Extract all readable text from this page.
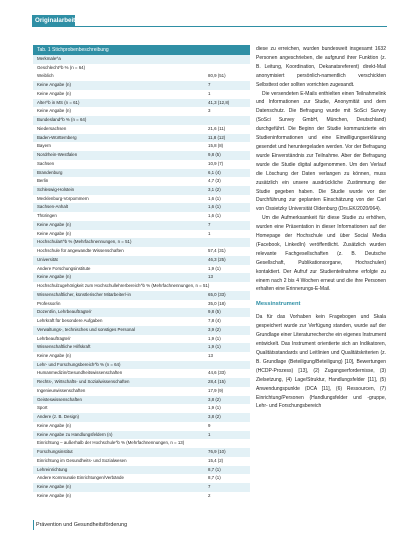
Originalarbeit
Tab. 1 Stichprobenbeschreibung
Merkmale^a
Geschlecht^b % (n = 64)
Weiblich	80,9 (51)
Keine Angabe (n)	7
Keine Angabe (n)	1
Alter^b in MS (n = 61)	41,3 (12,8)
Keine Angabe (n)	3
Bundesland^b % (n = 64)
Niedersachsen	21,6 (11)
Baden-Württemberg	11,8 (12)
Bayern	15,8 (8)
Nordrhein-Westfalen	9,8 (5)
Sachsen	10,9 (7)
Brandenburg	6,1 (4)
Berlin	4,7 (3)
Schleswig-Holstein	3,1 (2)
Mecklenburg-Vorpommern	1,6 (1)
Sachsen-Anhalt	1,6 (1)
Thüringen	1,6 (1)
Keine Angabe (n)	7
Keine Angabe (n)	1
Hochschulart^b % (Mehrfachnennungen, n = 51)
Hochschule für angewandte Wissenschaften	57,4 (31)
Universität	46,3 (25)
Andere Forschungsinstitute	1,9 (1)
Keine Angabe (n)	13
Hochschulzugehörigkeit zum Hochschullehrerbereich^b % (Mehrfachnennungen, n = 51)
Wissenschaftlicher, künstlerischer Mitarbeiter/-in	65,0 (33)
Professor/in	35,0 (18)
Dozent/in, Lehrbeauftragte/r	9,8 (5)
Lehrkraft für besondere Aufgaben	7,8 (4)
Verwaltungs-, technisches und sonstiges Personal	3,9 (2)
Lehrbeauftragte/r	1,9 (1)
Wissenschaftliche Hilfskraft	1,9 (1)
Keine Angabe (n)	13
Lehr- und Forschungsbereich^b % (n = 64)
Humanmedizin/Gesundheitswissenschaften	44,6 (33)
Rechts-, Wirtschafts- und Sozialwissenschaften	28,4 (15)
Ingenieurwissenschaften	17,9 (9)
Geisteswissenschaften	3,8 (2)
Sport	1,9 (1)
Andere (z. B. Design)	3,8 (2)
Keine Angabe (n)	9
Keine Angabe zu Handlungsfeldern (n)	1
Einrichtung – außerhalb der Hochschule^b % (Mehrfachnennungen, n = 13)
Forschungsinstitut	76,9 (10)
Einrichtung im Gesundheits- und Sozialwesen	15,4 (2)
Lehreinrichtung	8,7 (1)
Andere Kommunale Einrichtungen/Verbände	8,7 (1)
Keine Angabe (n)	7
Keine Angabe (n)	2
Prävention und Gesundheitsförderung

diese zu erreichen, wurden bundesweit insgesamt 1632 Personen angeschrieben, die aufgrund ihrer Funktion (z. B. Leitung, Koordination, Dekanatsreferent) direkt-Mail anonymisiert persönlich-namentlich verschickten Selbsttest oder sollten vorrichten zugesandt.

Die versendeten E-Mails enthielten einen Teilnahmelink und Informationen zur Studie, Anonymität und dem Datenschutz. Die Befragung wurde mit SoSci Survey (SoSci Survey GmbH, München, Deutschland) durchgeführt. Die Beginn der Studie kommunizierte ein Studieninformationen und eine Einwilligungserklärung gesendet und heruntergeladen werden. Vor der Befragung wurde Einverständnis zur Teilnahme. Aber der Befragung wurde die Studie digital aufgenommen. Um den Verlauf die Löschung der Daten verlangen zu können, muss zusätzlich ein unsere ausdrückliche Zustimmung der Studie gegeben haben. Die Studie wurde vor der Durchführung zur geplanten Einschätzung von der Carl von Ossietzky Universität Oldenburg (Drs.EK/2020/064).

Um die Aufmerksamkeit für diese Studie zu erhöhen, wurden eine Präsentation in dieser Informationen auf der Homepage der Hochschule und über Social Media (Facebook, LinkedIn) veröffentlicht. Zusätzlich wurden relevante Fachgesellschaften (z. B. Deutsche Gesellschaft, Publikationsorgane, Hochschulen) kontaktiert. Der Aufruf zur Studienteilnahme erfolgte zu einem nach 2 bis 4 Wochen erneut und die ihre Personen erhalten eine Erinnerungs-E-Mail.

Messinstrument

Da für das Vorhaben kein Fragebogen und Skala gespeichert wurde zur Verfügung standen, wurde auf der Grundlage einer Literaturrecherche ein eigenes Instrument entwickelt. Das Instrument orientierte sich an Indikatoren, Qualitätsstandards und Leitlinien und Qualitätskriterien (z. B. Grundlage (Beteiligung/Beteiligung) [10], Bewertungen (HCDP-Prozess) [13], (2) Zugangserfordernisse, (3) Zielsetzung, (4) Lage/Struktur, Handlungsfelder [11], (5) Anwendungspunkte (DCA [11], (6) Ressourcen, (7) Einrichtung/Personen (Handlungsfelder und -gruppe, Lehr- und Forschungsbereich
